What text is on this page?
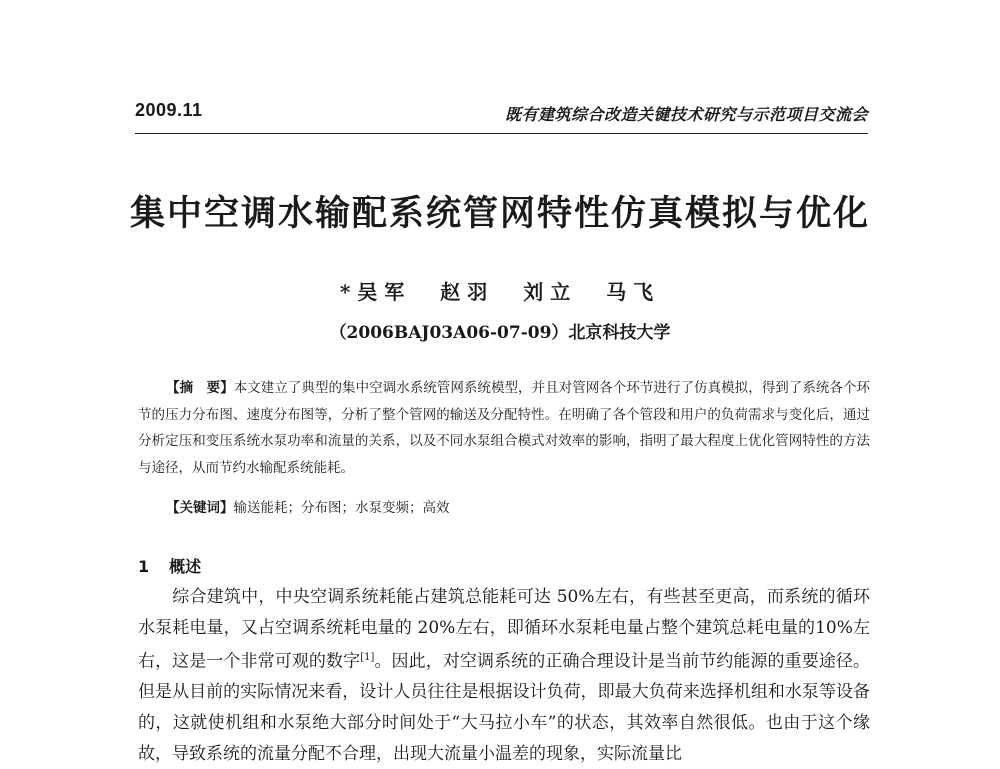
2009.11	既有建筑综合改造关键技术研究与示范项目交流会
集中空调水输配系统管网特性仿真模拟与优化
*吴军 赵羽 刘立 马飞
（2006BAJ03A06-07-09）北京科技大学
【摘　要】本文建立了典型的集中空调水系统管网系统模型，并且对管网各个环节进行了仿真模拟，得到了系统各个环节的压力分布图、速度分布图等，分析了整个管网的输送及分配特性。在明确了各个管段和用户的负荷需求与变化后，通过分析定压和变压系统水泵功率和流量的关系，以及不同水泵组合模式对效率的影响，指明了最大程度上优化管网特性的方法与途径，从而节约水输配系统能耗。
【关键词】输送能耗；分布图；水泵变频；高效
1 概述
综合建筑中，中央空调系统耗能占建筑总能耗可达 50%左右，有些甚至更高，而系统的循环水泵耗电量，又占空调系统耗电量的 20%左右，即循环水泵耗电量占整个建筑总耗电量的10%左右，这是一个非常可观的数字[1]。因此，对空调系统的正确合理设计是当前节约能源的重要途径。但是从目前的实际情况来看，设计人员往往是根据设计负荷，即最大负荷来选择机组和水泵等设备的，这就使机组和水泵绝大部分时间处于“大马拉小车”的状态，其效率自然很低。也由于这个缘故，导致系统的流量分配不合理，出现大流量小温差的现象，实际流量比
